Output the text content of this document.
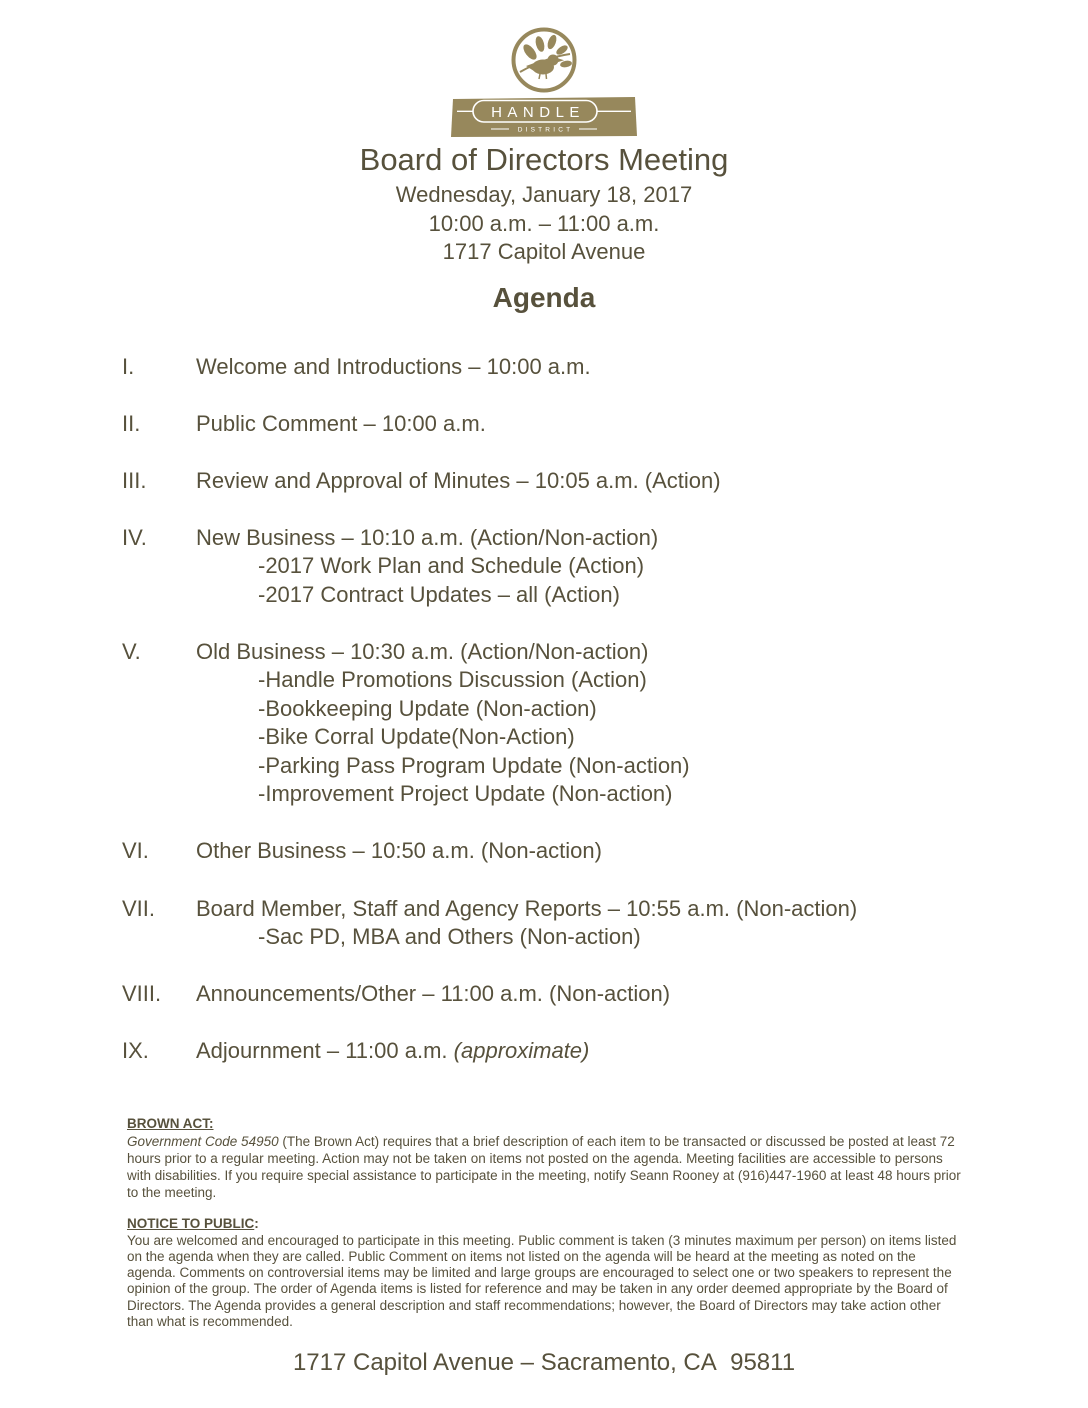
HANDLE
DISTRICT
Board of Directors Meeting
Wednesday, January 18, 2017
10:00 a.m. – 11:00 a.m.
1717 Capitol Avenue
Agenda
I.	Welcome and Introductions – 10:00 a.m.
II.	Public Comment – 10:00 a.m.
III.	Review and Approval of Minutes – 10:05 a.m. (Action)
IV.	New Business – 10:10 a.m. (Action/Non-action)
-2017 Work Plan and Schedule (Action)
-2017 Contract Updates – all (Action)
V.	Old Business – 10:30 a.m. (Action/Non-action)
-Handle Promotions Discussion (Action)
-Bookkeeping Update (Non-action)
-Bike Corral Update(Non-Action)
-Parking Pass Program Update (Non-action)
-Improvement Project Update (Non-action)
VI.	Other Business – 10:50 a.m. (Non-action)
VII.	Board Member, Staff and Agency Reports – 10:55 a.m. (Non-action)
-Sac PD, MBA and Others (Non-action)
VIII.	Announcements/Other – 11:00 a.m. (Non-action)
IX.	Adjournment – 11:00 a.m. (approximate)
BROWN ACT:
Government Code 54950 (The Brown Act) requires that a brief description of each item to be transacted or discussed be posted at least 72 hours prior to a regular meeting. Action may not be taken on items not posted on the agenda. Meeting facilities are accessible to persons with disabilities. If you require special assistance to participate in the meeting, notify Seann Rooney at (916)447-1960 at least 48 hours prior to the meeting.
NOTICE TO PUBLIC:
You are welcomed and encouraged to participate in this meeting. Public comment is taken (3 minutes maximum per person) on items listed on the agenda when they are called. Public Comment on items not listed on the agenda will be heard at the meeting as noted on the agenda. Comments on controversial items may be limited and large groups are encouraged to select one or two speakers to represent the opinion of the group. The order of Agenda items is listed for reference and may be taken in any order deemed appropriate by the Board of Directors. The Agenda provides a general description and staff recommendations; however, the Board of Directors may take action other than what is recommended.
1717 Capitol Avenue – Sacramento, CA  95811
